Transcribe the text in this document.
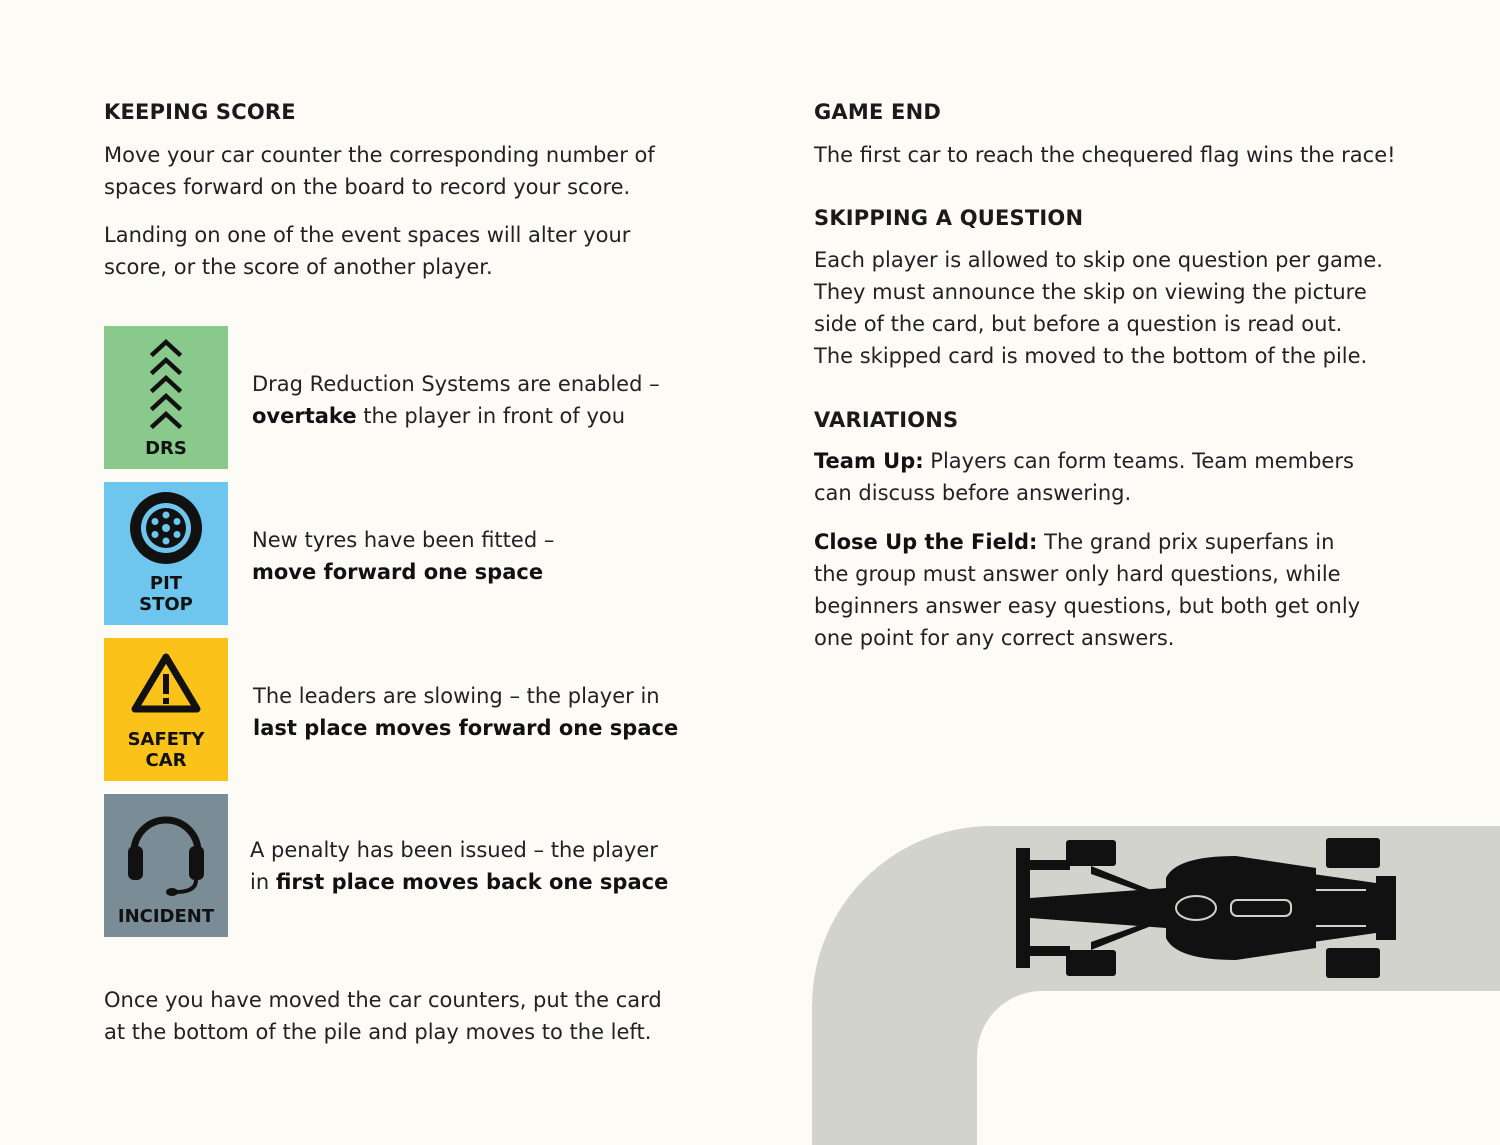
KEEPING SCORE

Move your car counter the corresponding number of
spaces forward on the board to record your score.

Landing on one of the event spaces will alter your
score, or the score of another player.

DRS

Drag Reduction Systems are enabled –
overtake the player in front of you

PIT
STOP

New tyres have been fitted –
move forward one space

SAFETY
CAR

The leaders are slowing – the player in
last place moves forward one space

INCIDENT

A penalty has been issued – the player
in first place moves back one space

Once you have moved the car counters, put the card
at the bottom of the pile and play moves to the left.

GAME END

The first car to reach the chequered flag wins the race!

SKIPPING A QUESTION

Each player is allowed to skip one question per game.
They must announce the skip on viewing the picture
side of the card, but before a question is read out.
The skipped card is moved to the bottom of the pile.

VARIATIONS

Team Up: Players can form teams. Team members
can discuss before answering.

Close Up the Field: The grand prix superfans in
the group must answer only hard questions, while
beginners answer easy questions, but both get only
one point for any correct answers.
